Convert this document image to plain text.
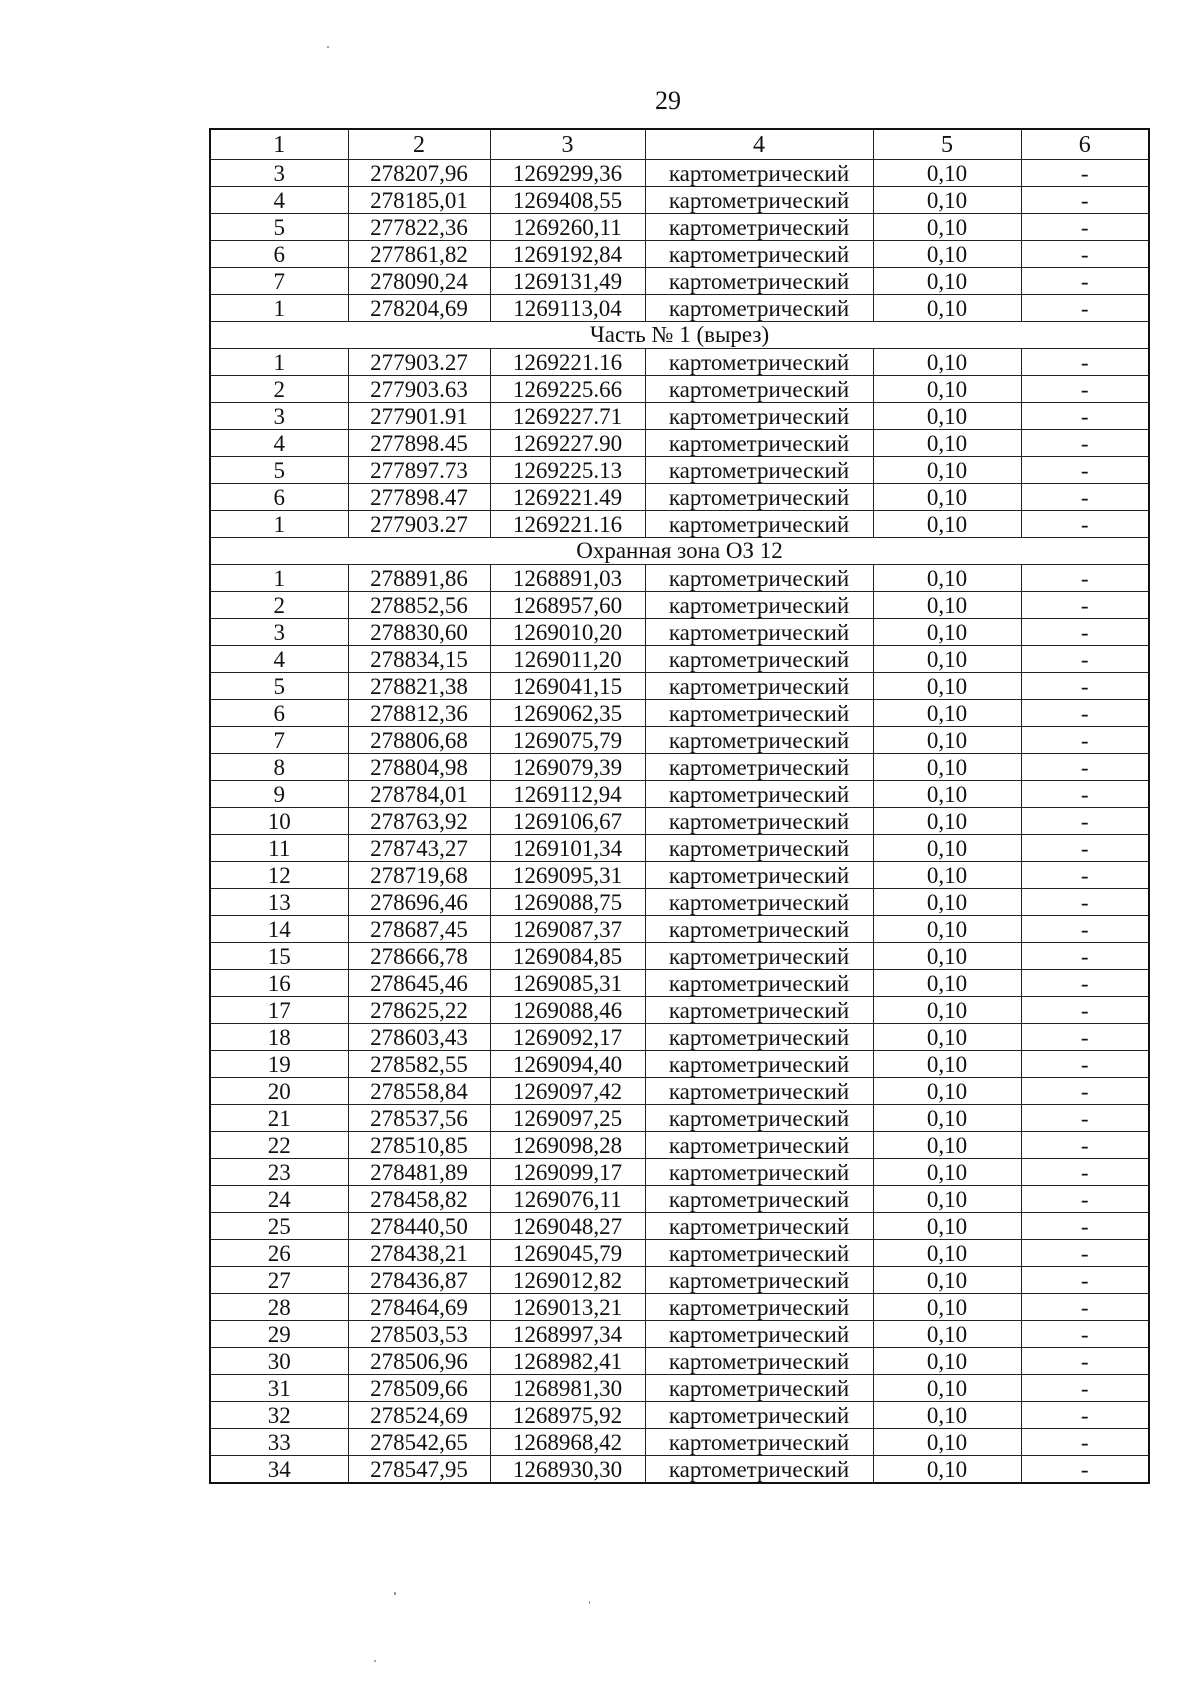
29
1	2	3	4	5	6
3	278207,96	1269299,36	картометрический	0,10	-
4	278185,01	1269408,55	картометрический	0,10	-
5	277822,36	1269260,11	картометрический	0,10	-
6	277861,82	1269192,84	картометрический	0,10	-
7	278090,24	1269131,49	картометрический	0,10	-
1	278204,69	1269113,04	картометрический	0,10	-
Часть № 1 (вырез)					
1	277903.27	1269221.16	картометрический	0,10	-
2	277903.63	1269225.66	картометрический	0,10	-
3	277901.91	1269227.71	картометрический	0,10	-
4	277898.45	1269227.90	картометрический	0,10	-
5	277897.73	1269225.13	картометрический	0,10	-
6	277898.47	1269221.49	картометрический	0,10	-
1	277903.27	1269221.16	картометрический	0,10	-
Охранная зона ОЗ 12					
1	278891,86	1268891,03	картометрический	0,10	-
2	278852,56	1268957,60	картометрический	0,10	-
3	278830,60	1269010,20	картометрический	0,10	-
4	278834,15	1269011,20	картометрический	0,10	-
5	278821,38	1269041,15	картометрический	0,10	-
6	278812,36	1269062,35	картометрический	0,10	-
7	278806,68	1269075,79	картометрический	0,10	-
8	278804,98	1269079,39	картометрический	0,10	-
9	278784,01	1269112,94	картометрический	0,10	-
10	278763,92	1269106,67	картометрический	0,10	-
11	278743,27	1269101,34	картометрический	0,10	-
12	278719,68	1269095,31	картометрический	0,10	-
13	278696,46	1269088,75	картометрический	0,10	-
14	278687,45	1269087,37	картометрический	0,10	-
15	278666,78	1269084,85	картометрический	0,10	-
16	278645,46	1269085,31	картометрический	0,10	-
17	278625,22	1269088,46	картометрический	0,10	-
18	278603,43	1269092,17	картометрический	0,10	-
19	278582,55	1269094,40	картометрический	0,10	-
20	278558,84	1269097,42	картометрический	0,10	-
21	278537,56	1269097,25	картометрический	0,10	-
22	278510,85	1269098,28	картометрический	0,10	-
23	278481,89	1269099,17	картометрический	0,10	-
24	278458,82	1269076,11	картометрический	0,10	-
25	278440,50	1269048,27	картометрический	0,10	-
26	278438,21	1269045,79	картометрический	0,10	-
27	278436,87	1269012,82	картометрический	0,10	-
28	278464,69	1269013,21	картометрический	0,10	-
29	278503,53	1268997,34	картометрический	0,10	-
30	278506,96	1268982,41	картометрический	0,10	-
31	278509,66	1268981,30	картометрический	0,10	-
32	278524,69	1268975,92	картометрический	0,10	-
33	278542,65	1268968,42	картометрический	0,10	-
34	278547,95	1268930,30	картометрический	0,10	-
